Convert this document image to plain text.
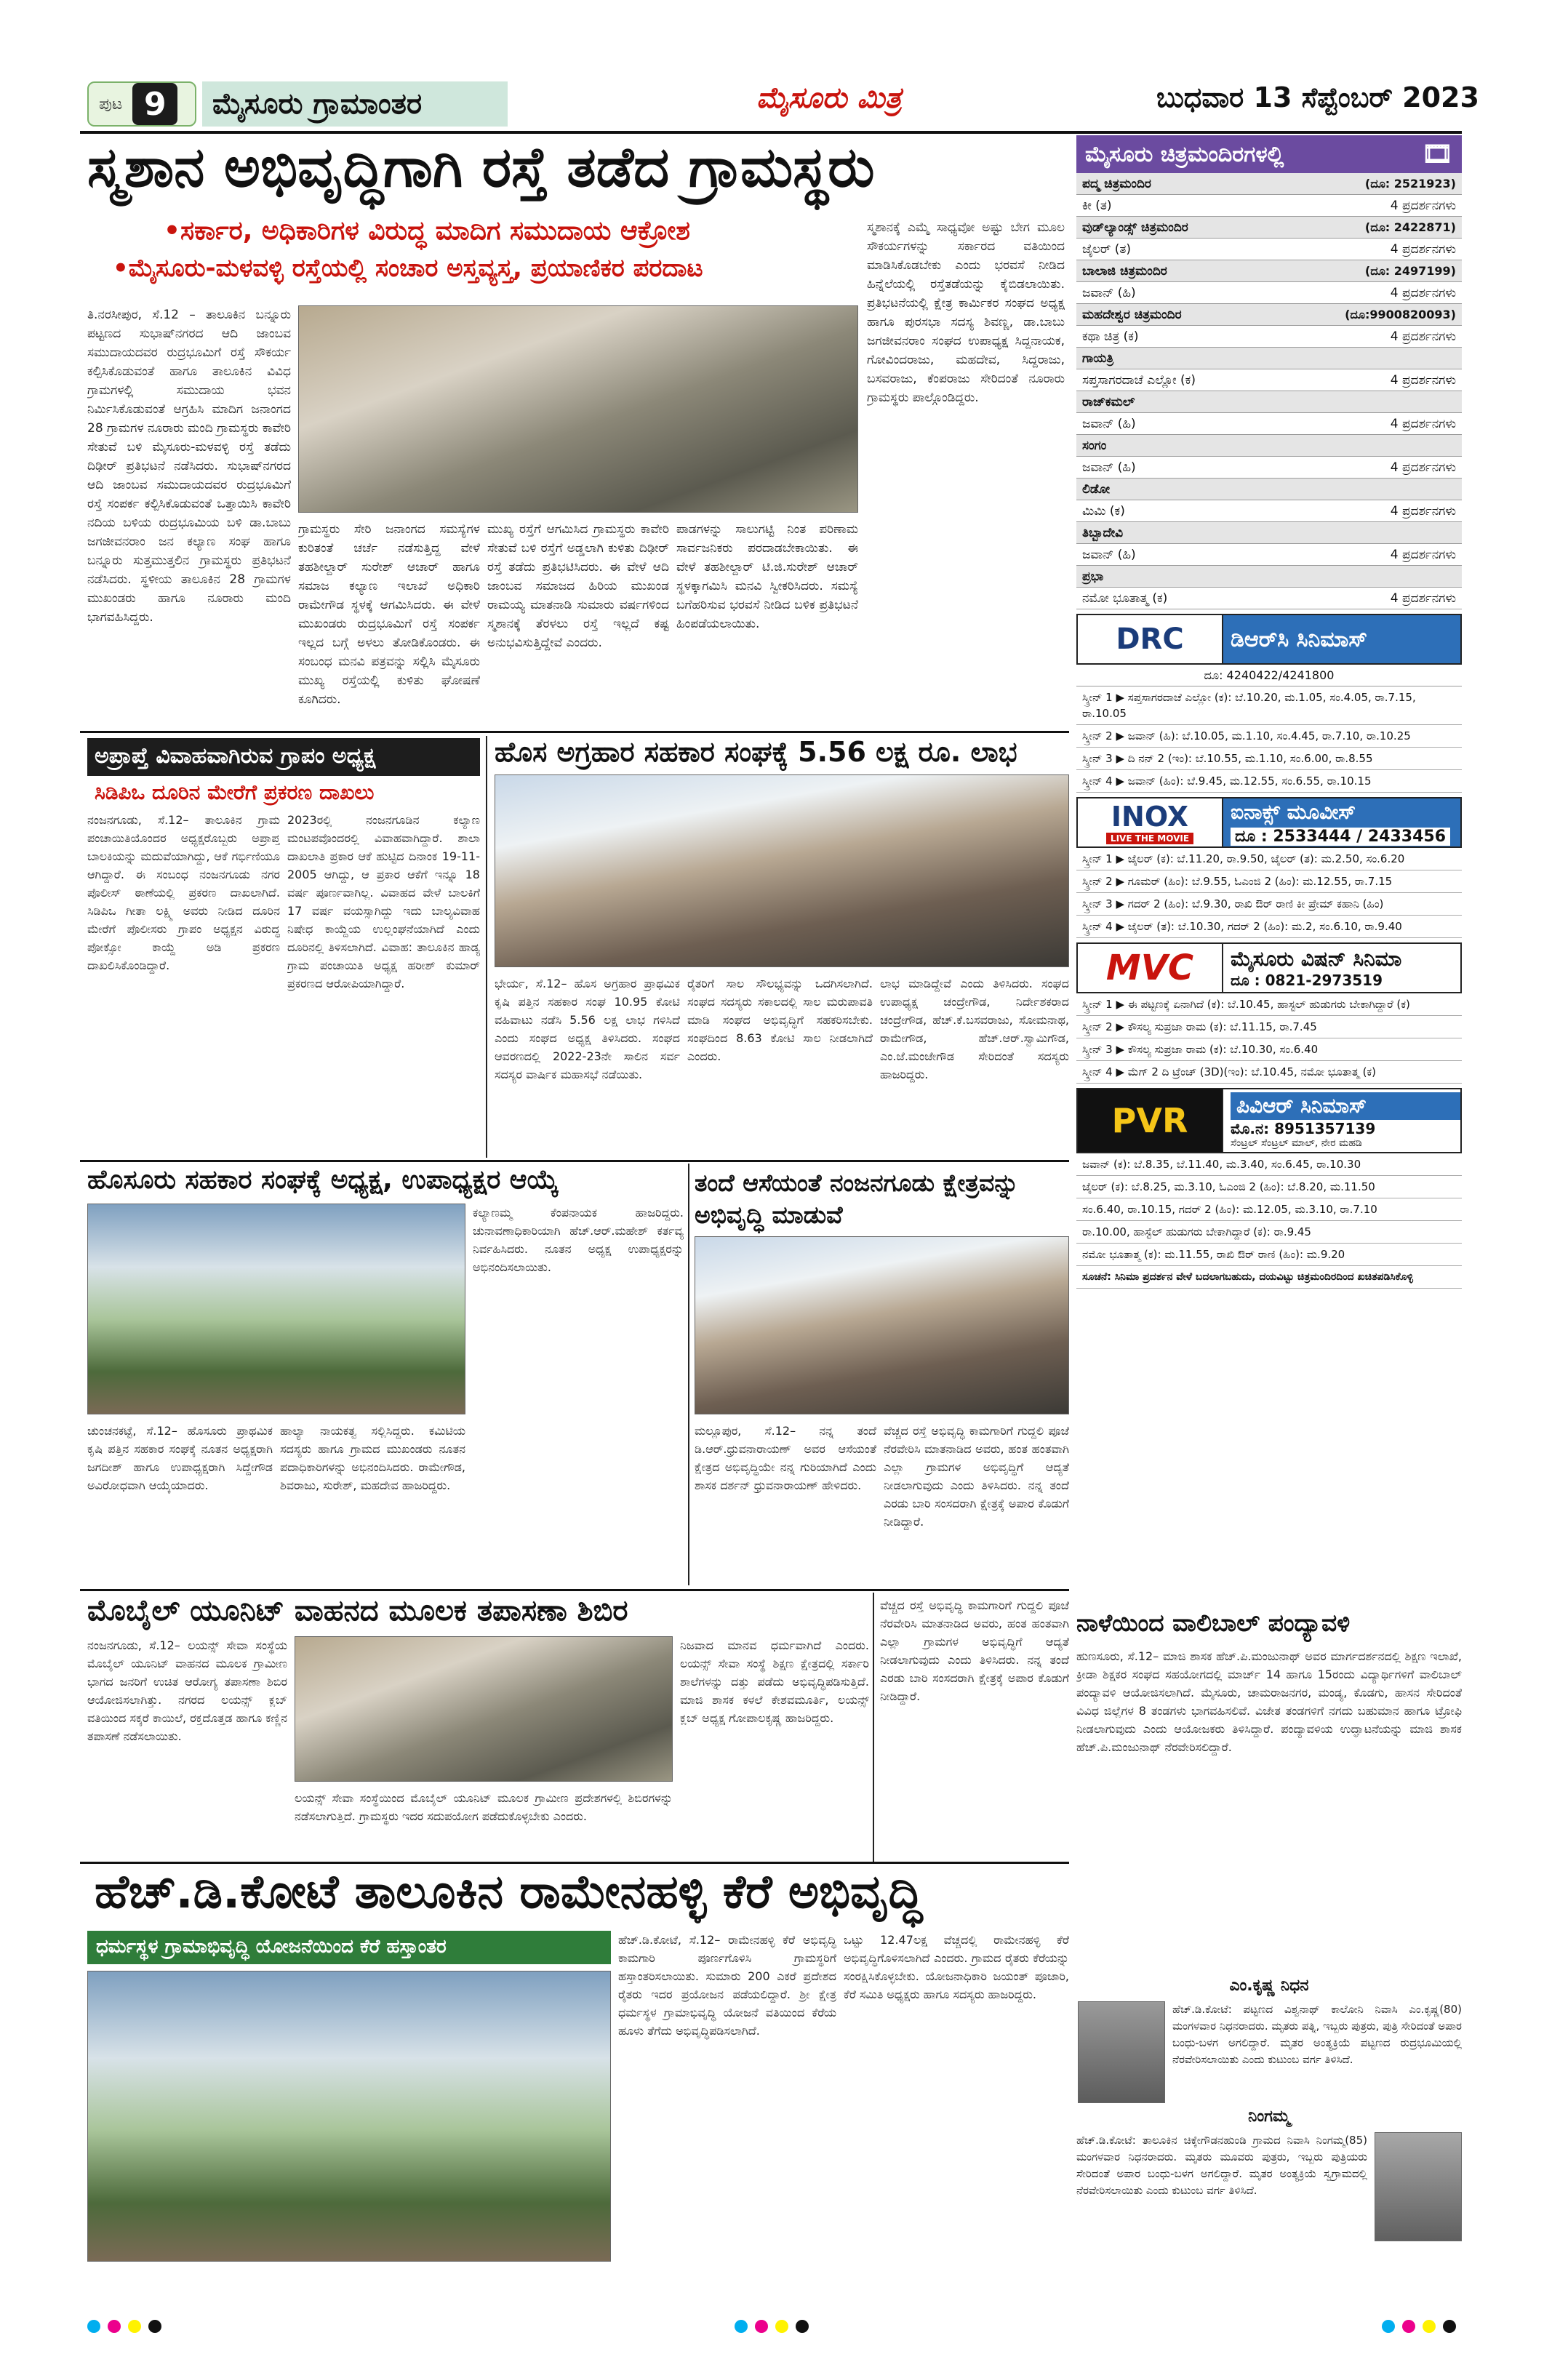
ಪುಟ 9	ಮೈಸೂರು ಗ್ರಾಮಾಂತರ	ಮೈಸೂರು ಮಿತ್ರ	ಬುಧವಾರ 13 ಸೆಪ್ಟೆಂಬರ್ 2023
ಸ್ಮಶಾನ ಅಭಿವೃದ್ಧಿಗಾಗಿ ರಸ್ತೆ ತಡೆದ ಗ್ರಾಮಸ್ಥರು
•ಸರ್ಕಾರ, ಅಧಿಕಾರಿಗಳ ವಿರುದ್ಧ ಮಾದಿಗ ಸಮುದಾಯ ಆಕ್ರೋಶ
•ಮೈಸೂರು-ಮಳವಳ್ಳಿ ರಸ್ತೆಯಲ್ಲಿ ಸಂಚಾರ ಅಸ್ತವ್ಯಸ್ತ, ಪ್ರಯಾಣಿಕರ ಪರದಾಟ
ತಿ.ನರಸೀಪುರ, ಸೆ.12 – ತಾಲೂಕಿನ ಬನ್ನೂರು ಪಟ್ಟಣದ ಸುಭಾಷ್‌ನಗರದ ಆದಿ ಜಾಂಬವ ಸಮುದಾಯದವರ ರುದ್ರಭೂಮಿಗೆ ರಸ್ತೆ ಸೌಕರ್ಯ ಕಲ್ಪಿಸಿಕೊಡುವಂತೆ ಹಾಗೂ ತಾಲೂಕಿನ ವಿವಿಧ ಗ್ರಾಮಗಳಲ್ಲಿ ಸಮುದಾಯ ಭವನ ನಿರ್ಮಿಸಿಕೊಡುವಂತೆ ಆಗ್ರಹಿಸಿ ಮಾದಿಗ ಜನಾಂಗದ 28 ಗ್ರಾಮಗಳ ನೂರಾರು ಮಂದಿ ಗ್ರಾಮಸ್ಥರು ಕಾವೇರಿ ಸೇತುವೆ ಬಳಿ ಮೈಸೂರು-ಮಳವಳ್ಳಿ ರಸ್ತೆ ತಡೆದು ದಿಢೀರ್ ಪ್ರತಿಭಟನೆ ನಡೆಸಿದರು. ಸುಭಾಷ್‌ನಗರದ ಆದಿ ಜಾಂಬವ ಸಮುದಾಯದವರ ರುದ್ರಭೂಮಿಗೆ ರಸ್ತೆ ಸಂಪರ್ಕ ಕಲ್ಪಿಸಿಕೊಡುವಂತೆ ಒತ್ತಾಯಿಸಿ ಕಾವೇರಿ ನದಿಯ ಬಳಿಯ ರುದ್ರಭೂಮಿಯ ಬಳಿ ಡಾ.ಬಾಬು ಜಗಜೀವನರಾಂ ಜನ ಕಲ್ಯಾಣ ಸಂಘ ಹಾಗೂ ಬನ್ನೂರು ಸುತ್ತಮುತ್ತಲಿನ ಗ್ರಾಮಸ್ಥರು ಪ್ರತಿಭಟನೆ ನಡೆಸಿದರು. ಸ್ಥಳೀಯ ತಾಲೂಕಿನ 28 ಗ್ರಾಮಗಳ ಮುಖಂಡರು ಹಾಗೂ ನೂರಾರು ಮಂದಿ ಭಾಗವಹಿಸಿದ್ದರು.
ಗ್ರಾಮಸ್ಥರು ಸೇರಿ ಜನಾಂಗದ ಸಮಸ್ಯೆಗಳ ಕುರಿತಂತೆ ಚರ್ಚೆ ನಡೆಸುತ್ತಿದ್ದ ವೇಳೆ ತಹಶೀಲ್ದಾರ್ ಸುರೇಶ್ ಆಚಾರ್ ಹಾಗೂ ಸಮಾಜ ಕಲ್ಯಾಣ ಇಲಾಖೆ ಅಧಿಕಾರಿ ರಾಮೇಗೌಡ ಸ್ಥಳಕ್ಕೆ ಆಗಮಿಸಿದರು. ಈ ವೇಳೆ ಮುಖಂಡರು ರುದ್ರಭೂಮಿಗೆ ರಸ್ತೆ ಸಂಪರ್ಕ ಇಲ್ಲದ ಬಗ್ಗೆ ಅಳಲು ತೋಡಿಕೊಂಡರು. ಈ ಸಂಬಂಧ ಮನವಿ ಪತ್ರವನ್ನು ಸಲ್ಲಿಸಿ ಮೈಸೂರು ಮುಖ್ಯ ರಸ್ತೆಯಲ್ಲಿ ಕುಳಿತು ಘೋಷಣೆ ಕೂಗಿದರು.
ಮುಖ್ಯ ರಸ್ತೆಗೆ ಆಗಮಿಸಿದ ಗ್ರಾಮಸ್ಥರು ಕಾವೇರಿ ಸೇತುವೆ ಬಳಿ ರಸ್ತೆಗೆ ಅಡ್ಡಲಾಗಿ ಕುಳಿತು ದಿಢೀರ್ ರಸ್ತೆ ತಡೆದು ಪ್ರತಿಭಟಿಸಿದರು. ಈ ವೇಳೆ ಆದಿ ಜಾಂಬವ ಸಮಾಜದ ಹಿರಿಯ ಮುಖಂಡ ರಾಮಯ್ಯ ಮಾತನಾಡಿ ಸುಮಾರು ವರ್ಷಗಳಿಂದ ಸ್ಮಶಾನಕ್ಕೆ ತೆರಳಲು ರಸ್ತೆ ಇಲ್ಲದೆ ಕಷ್ಟ ಅನುಭವಿಸುತ್ತಿದ್ದೇವೆ ಎಂದರು.
ಪಾಡಗಳನ್ನು ಸಾಲುಗಟ್ಟಿ ನಿಂತ ಪರಿಣಾಮ ಸಾರ್ವಜನಿಕರು ಪರದಾಡಬೇಕಾಯಿತು. ಈ ವೇಳೆ ತಹಶೀಲ್ದಾರ್ ಟಿ.ಜಿ.ಸುರೇಶ್ ಆಚಾರ್ ಸ್ಥಳಕ್ಕಾಗಮಿಸಿ ಮನವಿ ಸ್ವೀಕರಿಸಿದರು. ಸಮಸ್ಯೆ ಬಗೆಹರಿಸುವ ಭರವಸೆ ನೀಡಿದ ಬಳಿಕ ಪ್ರತಿಭಟನೆ ಹಿಂಪಡೆಯಲಾಯಿತು.
ಸ್ಮಶಾನಕ್ಕೆ ಎಮ್ಮೆ ಸಾಧ್ಯವೋ ಅಷ್ಟು ಬೇಗ ಮೂಲ ಸೌಕರ್ಯಗಳನ್ನು ಸರ್ಕಾರದ ವತಿಯಿಂದ ಮಾಡಿಸಿಕೊಡಬೇಕು ಎಂದು ಭರವಸೆ ನೀಡಿದ ಹಿನ್ನೆಲೆಯಲ್ಲಿ ರಸ್ತೆತಡೆಯನ್ನು ಕೈಬಿಡಲಾಯಿತು. ಪ್ರತಿಭಟನೆಯಲ್ಲಿ ಕ್ಷೇತ್ರ ಕಾರ್ಮಿಕರ ಸಂಘದ ಅಧ್ಯಕ್ಷ ಹಾಗೂ ಪುರಸಭಾ ಸದಸ್ಯ ಶಿವಣ್ಣ, ಡಾ.ಬಾಬು ಜಗಜೀವನರಾಂ ಸಂಘದ ಉಪಾಧ್ಯಕ್ಷ ಸಿದ್ದನಾಯಕ, ಗೋವಿಂದರಾಜು, ಮಹದೇವ, ಸಿದ್ದರಾಜು, ಬಸವರಾಜು, ಕೆಂಪರಾಜು ಸೇರಿದಂತೆ ನೂರಾರು ಗ್ರಾಮಸ್ಥರು ಪಾಲ್ಗೊಂಡಿದ್ದರು.
ಅಪ್ರಾಪ್ತೆ ವಿವಾಹವಾಗಿರುವ ಗ್ರಾಪಂ ಅಧ್ಯಕ್ಷ
ಸಿಡಿಪಿಒ ದೂರಿನ ಮೇರೆಗೆ ಪ್ರಕರಣ ದಾಖಲು
ನಂಜನಗೂಡು, ಸೆ.12– ತಾಲೂಕಿನ ಗ್ರಾಮ ಪಂಚಾಯಿತಿಯೊಂದರ ಅಧ್ಯಕ್ಷರೊಬ್ಬರು ಅಪ್ರಾಪ್ತ ಬಾಲಕಿಯನ್ನು ಮದುವೆಯಾಗಿದ್ದು, ಆಕೆ ಗರ್ಭಿಣಿಯೂ ಆಗಿದ್ದಾರೆ. ಈ ಸಂಬಂಧ ನಂಜನಗೂಡು ನಗರ ಪೊಲೀಸ್ ಠಾಣೆಯಲ್ಲಿ ಪ್ರಕರಣ ದಾಖಲಾಗಿದೆ. ಸಿಡಿಪಿಒ ಗೀತಾ ಲಕ್ಷ್ಮಿ ಅವರು ನೀಡಿದ ದೂರಿನ ಮೇರೆಗೆ ಪೊಲೀಸರು ಗ್ರಾಪಂ ಅಧ್ಯಕ್ಷನ ವಿರುದ್ಧ ಪೋಕ್ಸೋ ಕಾಯ್ದೆ ಅಡಿ ಪ್ರಕರಣ ದಾಖಲಿಸಿಕೊಂಡಿದ್ದಾರೆ.
2023ರಲ್ಲಿ ನಂಜನಗೂಡಿನ ಕಲ್ಯಾಣ ಮಂಟಪವೊಂದರಲ್ಲಿ ವಿವಾಹವಾಗಿದ್ದಾರೆ. ಶಾಲಾ ದಾಖಲಾತಿ ಪ್ರಕಾರ ಆಕೆ ಹುಟ್ಟಿದ ದಿನಾಂಕ 19-11-2005 ಆಗಿದ್ದು, ಆ ಪ್ರಕಾರ ಆಕೆಗೆ ಇನ್ನೂ 18 ವರ್ಷ ಪೂರ್ಣವಾಗಿಲ್ಲ. ವಿವಾಹದ ವೇಳೆ ಬಾಲಕಿಗೆ 17 ವರ್ಷ ವಯಸ್ಸಾಗಿದ್ದು ಇದು ಬಾಲ್ಯವಿವಾಹ ನಿಷೇಧ ಕಾಯ್ದೆಯ ಉಲ್ಲಂಘನೆಯಾಗಿದೆ ಎಂದು ದೂರಿನಲ್ಲಿ ತಿಳಿಸಲಾಗಿದೆ. ವಿವಾಹ: ತಾಲೂಕಿನ ಹಾಡ್ಯ ಗ್ರಾಮ ಪಂಚಾಯಿತಿ ಅಧ್ಯಕ್ಷ ಹರೀಶ್ ಕುಮಾರ್ ಪ್ರಕರಣದ ಆರೋಪಿಯಾಗಿದ್ದಾರೆ.
ಹೊಸ ಅಗ್ರಹಾರ ಸಹಕಾರ ಸಂಘಕ್ಕೆ 5.56 ಲಕ್ಷ ರೂ. ಲಾಭ
ಭೇರ್ಯ, ಸೆ.12– ಹೊಸ ಅಗ್ರಹಾರ ಪ್ರಾಥಮಿಕ ಕೃಷಿ ಪತ್ತಿನ ಸಹಕಾರ ಸಂಘ 10.95 ಕೋಟಿ ವಹಿವಾಟು ನಡೆಸಿ 5.56 ಲಕ್ಷ ಲಾಭ ಗಳಿಸಿದೆ ಎಂದು ಸಂಘದ ಅಧ್ಯಕ್ಷ ತಿಳಿಸಿದರು. ಸಂಘದ ಆವರಣದಲ್ಲಿ 2022-23ನೇ ಸಾಲಿನ ಸರ್ವ ಸದಸ್ಯರ ವಾರ್ಷಿಕ ಮಹಾಸಭೆ ನಡೆಯಿತು.
ರೈತರಿಗೆ ಸಾಲ ಸೌಲಭ್ಯವನ್ನು ಒದಗಿಸಲಾಗಿದೆ. ಸಂಘದ ಸದಸ್ಯರು ಸಕಾಲದಲ್ಲಿ ಸಾಲ ಮರುಪಾವತಿ ಮಾಡಿ ಸಂಘದ ಅಭಿವೃದ್ಧಿಗೆ ಸಹಕರಿಸಬೇಕು. ಸಂಘದಿಂದ 8.63 ಕೋಟಿ ಸಾಲ ನೀಡಲಾಗಿದೆ ಎಂದರು.
ಲಾಭ ಮಾಡಿದ್ದೇವೆ ಎಂದು ತಿಳಿಸಿದರು. ಸಂಘದ ಉಪಾಧ್ಯಕ್ಷ ಚಂದ್ರೇಗೌಡ, ನಿರ್ದೇಶಕರಾದ ಚಂದ್ರೇಗೌಡ, ಹೆಚ್.ಕೆ.ಬಸವರಾಜು, ಸೋಮನಾಥ, ರಾಮೇಗೌಡ, ಹೆಚ್.ಆರ್.ಸ್ವಾಮಿಗೌಡ, ಎಂ.ಜೆ.ಮಂಜೇಗೌಡ ಸೇರಿದಂತೆ ಸದಸ್ಯರು ಹಾಜರಿದ್ದರು.
ಹೊಸೂರು ಸಹಕಾರ ಸಂಘಕ್ಕೆ ಅಧ್ಯಕ್ಷ, ಉಪಾಧ್ಯಕ್ಷರ ಆಯ್ಕೆ
ಕಲ್ಯಾಣಮ್ಮ ಕೆಂಪನಾಯಕ ಹಾಜರಿದ್ದರು. ಚುನಾವಣಾಧಿಕಾರಿಯಾಗಿ ಹೆಚ್.ಆರ್.ಮಹೇಶ್ ಕರ್ತವ್ಯ ನಿರ್ವಹಿಸಿದರು. ನೂತನ ಅಧ್ಯಕ್ಷ ಉಪಾಧ್ಯಕ್ಷರನ್ನು ಅಭಿನಂದಿಸಲಾಯಿತು.
ಚುಂಚನಕಟ್ಟೆ, ಸೆ.12– ಹೊಸೂರು ಪ್ರಾಥಮಿಕ ಕೃಷಿ ಪತ್ತಿನ ಸಹಕಾರ ಸಂಘಕ್ಕೆ ನೂತನ ಅಧ್ಯಕ್ಷರಾಗಿ ಜಗದೀಶ್ ಹಾಗೂ ಉಪಾಧ್ಯಕ್ಷರಾಗಿ ಸಿದ್ದೇಗೌಡ ಅವಿರೋಧವಾಗಿ ಆಯ್ಕೆಯಾದರು.
ಹಾಲ್ಯಾ ನಾಯಕತ್ವ ಸಲ್ಲಿಸಿದ್ದರು. ಕಮಿಟಿಯ ಸದಸ್ಯರು ಹಾಗೂ ಗ್ರಾಮದ ಮುಖಂಡರು ನೂತನ ಪದಾಧಿಕಾರಿಗಳನ್ನು ಅಭಿನಂದಿಸಿದರು. ರಾಮೇಗೌಡ, ಶಿವರಾಜು, ಸುರೇಶ್, ಮಹದೇವ ಹಾಜರಿದ್ದರು.
ತಂದೆ ಆಸೆಯಂತೆ ನಂಜನಗೂಡು ಕ್ಷೇತ್ರವನ್ನು ಅಭಿವೃದ್ಧಿ ಮಾಡುವೆ
ಮಲ್ಲೂಪುರ, ಸೆ.12– ನನ್ನ ತಂದೆ ಡಿ.ಆರ್.ಧ್ರುವನಾರಾಯಣ್ ಅವರ ಆಸೆಯಂತೆ ಕ್ಷೇತ್ರದ ಅಭಿವೃದ್ಧಿಯೇ ನನ್ನ ಗುರಿಯಾಗಿದೆ ಎಂದು ಶಾಸಕ ದರ್ಶನ್ ಧ್ರುವನಾರಾಯಣ್ ಹೇಳಿದರು.
ವೆಚ್ಚದ ರಸ್ತೆ ಅಭಿವೃದ್ಧಿ ಕಾಮಗಾರಿಗೆ ಗುದ್ದಲಿ ಪೂಜೆ ನೆರವೇರಿಸಿ ಮಾತನಾಡಿದ ಅವರು, ಹಂತ ಹಂತವಾಗಿ ಎಲ್ಲಾ ಗ್ರಾಮಗಳ ಅಭಿವೃದ್ಧಿಗೆ ಆದ್ಯತೆ ನೀಡಲಾಗುವುದು ಎಂದು ತಿಳಿಸಿದರು. ನನ್ನ ತಂದೆ ಎರಡು ಬಾರಿ ಸಂಸದರಾಗಿ ಕ್ಷೇತ್ರಕ್ಕೆ ಅಪಾರ ಕೊಡುಗೆ ನೀಡಿದ್ದಾರೆ.
ಮೊಬೈಲ್ ಯೂನಿಟ್ ವಾಹನದ ಮೂಲಕ ತಪಾಸಣಾ ಶಿಬಿರ
ನಂಜನಗೂಡು, ಸೆ.12– ಲಯನ್ಸ್ ಸೇವಾ ಸಂಸ್ಥೆಯ ಮೊಬೈಲ್ ಯೂನಿಟ್ ವಾಹನದ ಮೂಲಕ ಗ್ರಾಮೀಣ ಭಾಗದ ಜನರಿಗೆ ಉಚಿತ ಆರೋಗ್ಯ ತಪಾಸಣಾ ಶಿಬಿರ ಆಯೋಜಿಸಲಾಗಿತ್ತು. ನಗರದ ಲಯನ್ಸ್ ಕ್ಲಬ್ ವತಿಯಿಂದ ಸಕ್ಕರೆ ಕಾಯಿಲೆ, ರಕ್ತದೊತ್ತಡ ಹಾಗೂ ಕಣ್ಣಿನ ತಪಾಸಣೆ ನಡೆಸಲಾಯಿತು.
ಲಯನ್ಸ್ ಸೇವಾ ಸಂಸ್ಥೆಯಿಂದ ಮೊಬೈಲ್ ಯೂನಿಟ್ ಮೂಲಕ ಗ್ರಾಮೀಣ ಪ್ರದೇಶಗಳಲ್ಲಿ ಶಿಬಿರಗಳನ್ನು ನಡೆಸಲಾಗುತ್ತಿದೆ. ಗ್ರಾಮಸ್ಥರು ಇದರ ಸದುಪಯೋಗ ಪಡೆದುಕೊಳ್ಳಬೇಕು ಎಂದರು.
ನಿಜವಾದ ಮಾನವ ಧರ್ಮವಾಗಿದೆ ಎಂದರು. ಲಯನ್ಸ್ ಸೇವಾ ಸಂಸ್ಥೆ ಶಿಕ್ಷಣ ಕ್ಷೇತ್ರದಲ್ಲಿ ಸರ್ಕಾರಿ ಶಾಲೆಗಳನ್ನು ದತ್ತು ಪಡೆದು ಅಭಿವೃದ್ಧಿಪಡಿಸುತ್ತಿದೆ. ಮಾಜಿ ಶಾಸಕ ಕಳಲೆ ಕೇಶವಮೂರ್ತಿ, ಲಯನ್ಸ್ ಕ್ಲಬ್ ಅಧ್ಯಕ್ಷ ಗೋಪಾಲಕೃಷ್ಣ ಹಾಜರಿದ್ದರು.
ವೆಚ್ಚದ ರಸ್ತೆ ಅಭಿವೃದ್ಧಿ ಕಾಮಗಾರಿಗೆ ಗುದ್ದಲಿ ಪೂಜೆ ನೆರವೇರಿಸಿ ಮಾತನಾಡಿದ ಅವರು, ಹಂತ ಹಂತವಾಗಿ ಎಲ್ಲಾ ಗ್ರಾಮಗಳ ಅಭಿವೃದ್ಧಿಗೆ ಆದ್ಯತೆ ನೀಡಲಾಗುವುದು ಎಂದು ತಿಳಿಸಿದರು. ನನ್ನ ತಂದೆ ಎರಡು ಬಾರಿ ಸಂಸದರಾಗಿ ಕ್ಷೇತ್ರಕ್ಕೆ ಅಪಾರ ಕೊಡುಗೆ ನೀಡಿದ್ದಾರೆ.
ಹೆಚ್.ಡಿ.ಕೋಟೆ ತಾಲೂಕಿನ ರಾಮೇನಹಳ್ಳಿ ಕೆರೆ ಅಭಿವೃದ್ಧಿ
ಧರ್ಮಸ್ಥಳ ಗ್ರಾಮಾಭಿವೃದ್ಧಿ ಯೋಜನೆಯಿಂದ ಕೆರೆ ಹಸ್ತಾಂತರ	ಹೆಚ್.ಡಿ.ಕೋಟೆ, ಸೆ.12– ರಾಮೇನಹಳ್ಳಿ ಕೆರೆ ಅಭಿವೃದ್ಧಿ ಕಾಮಗಾರಿ ಪೂರ್ಣಗೊಳಿಸಿ ಗ್ರಾಮಸ್ಥರಿಗೆ ಹಸ್ತಾಂತರಿಸಲಾಯಿತು. ಸುಮಾರು 200 ಎಕರೆ ಪ್ರದೇಶದ ರೈತರು ಇದರ ಪ್ರಯೋಜನ ಪಡೆಯಲಿದ್ದಾರೆ. ಶ್ರೀ ಕ್ಷೇತ್ರ ಧರ್ಮಸ್ಥಳ ಗ್ರಾಮಾಭಿವೃದ್ಧಿ ಯೋಜನೆ ವತಿಯಿಂದ ಕೆರೆಯ ಹೂಳು ತೆಗೆದು ಅಭಿವೃದ್ಧಿಪಡಿಸಲಾಗಿದೆ.
ಒಟ್ಟು 12.47ಲಕ್ಷ ವೆಚ್ಚದಲ್ಲಿ ರಾಮೇನಹಳ್ಳಿ ಕೆರೆ ಅಭಿವೃದ್ಧಿಗೊಳಿಸಲಾಗಿದೆ ಎಂದರು. ಗ್ರಾಮದ ರೈತರು ಕೆರೆಯನ್ನು ಸಂರಕ್ಷಿಸಿಕೊಳ್ಳಬೇಕು. ಯೋಜನಾಧಿಕಾರಿ ಜಯಂತ್ ಪೂಜಾರಿ, ಕೆರೆ ಸಮಿತಿ ಅಧ್ಯಕ್ಷರು ಹಾಗೂ ಸದಸ್ಯರು ಹಾಜರಿದ್ದರು.
ಮೈಸೂರು ಚಿತ್ರಮಂದಿರಗಳಲ್ಲಿ	🎞
ಪದ್ಮ ಚಿತ್ರಮಂದಿರ	(ದೂ: 2521923)
ಕೀ (ತ)	4 ಪ್ರದರ್ಶನಗಳು
ವುಡ್‌ಲ್ಯಾಂಡ್ಸ್ ಚಿತ್ರಮಂದಿರ	(ದೂ: 2422871)
ಜೈಲರ್ (ತ)	4 ಪ್ರದರ್ಶನಗಳು
ಬಾಲಾಜಿ ಚಿತ್ರಮಂದಿರ	(ದೂ: 2497199)
ಜವಾನ್ (ಹಿ)	4 ಪ್ರದರ್ಶನಗಳು
ಮಹದೇಶ್ವರ ಚಿತ್ರಮಂದಿರ	(ದೂ:9900820093)
ಕಥಾ ಚಿತ್ರ (ಕ)	4 ಪ್ರದರ್ಶನಗಳು
ಗಾಯತ್ರಿ
ಸಪ್ತಸಾಗರದಾಚೆ ಎಲ್ಲೋ (ಕ)	4 ಪ್ರದರ್ಶನಗಳು
ರಾಜ್‌ಕಮಲ್
ಜವಾನ್ (ಹಿ)	4 ಪ್ರದರ್ಶನಗಳು
ಸಂಗಂ
ಜವಾನ್ (ಹಿ)	4 ಪ್ರದರ್ಶನಗಳು
ಲಿಡೋ
ಮಿಮಿ (ಕ)	4 ಪ್ರದರ್ಶನಗಳು
ತಿಬ್ಬಾದೇವಿ
ಜವಾನ್ (ಹಿ)	4 ಪ್ರದರ್ಶನಗಳು
ಪ್ರಭಾ
ನಮೋ ಭೂತಾತ್ಮ (ಕ)	4 ಪ್ರದರ್ಶನಗಳು
DRC	ಡಿಆರ್‌ಸಿ ಸಿನಿಮಾಸ್
ದೂ: 4240422/4241800
ಸ್ಕ್ರೀನ್ 1 ▶ ಸಪ್ತಸಾಗರದಾಚೆ ಎಲ್ಲೋ (ಕ): ಬೆ.10.20, ಮ.1.05, ಸಂ.4.05, ರಾ.7.15, ರಾ.10.05
ಸ್ಕ್ರೀನ್ 2 ▶ ಜವಾನ್ (ಹಿ): ಬೆ.10.05, ಮ.1.10, ಸಂ.4.45, ರಾ.7.10, ರಾ.10.25
ಸ್ಕ್ರೀನ್ 3 ▶ ದಿ ನನ್ 2 (ಇಂ): ಬೆ.10.55, ಮ.1.10, ಸಂ.6.00, ರಾ.8.55
ಸ್ಕ್ರೀನ್ 4 ▶ ಜವಾನ್ (ಹಿಂ): ಬೆ.9.45, ಮ.12.55, ಸಂ.6.55, ರಾ.10.15
INOX
LIVE THE MOVIE
ಐನಾಕ್ಸ್ ಮೂವೀಸ್
ದೂ : 2533444 / 2433456
ಸ್ಕ್ರೀನ್ 1 ▶ ಜೈಲರ್ (ಕ): ಬೆ.11.20, ರಾ.9.50, ಜೈಲರ್ (ತ): ಮ.2.50, ಸಂ.6.20
ಸ್ಕ್ರೀನ್ 2 ▶ ಗೂಮರ್ (ಹಿಂ): ಬೆ.9.55, ಓಎಂಜಿ 2 (ಹಿಂ): ಮ.12.55, ರಾ.7.15
ಸ್ಕ್ರೀನ್ 3 ▶ ಗದರ್ 2 (ಹಿಂ): ಬೆ.9.30, ರಾಖಿ ಔರ್ ರಾಣಿ ಕೀ ಪ್ರೇಮ್ ಕಹಾನಿ (ಹಿಂ)
ಸ್ಕ್ರೀನ್ 4 ▶ ಜೈಲರ್ (ತ): ಬೆ.10.30, ಗದರ್ 2 (ಹಿಂ): ಮ.2, ಸಂ.6.10, ರಾ.9.40
MVC	ಮೈಸೂರು ವಿಷನ್ ಸಿನಿಮಾ
ದೂ : 0821-2973519
ಸ್ಕ್ರೀನ್ 1 ▶ ಈ ಪಟ್ಟಣಕ್ಕೆ ಏನಾಗಿದೆ (ಕ): ಬೆ.10.45, ಹಾಸ್ಟಲ್ ಹುಡುಗರು ಬೇಕಾಗಿದ್ದಾರೆ (ಕ)
ಸ್ಕ್ರೀನ್ 2 ▶ ಕೌಸಲ್ಯ ಸುಪ್ರಜಾ ರಾಮ (ಕ): ಬೆ.11.15, ರಾ.7.45
ಸ್ಕ್ರೀನ್ 3 ▶ ಕೌಸಲ್ಯ ಸುಪ್ರಜಾ ರಾಮ (ಕ): ಬೆ.10.30, ಸಂ.6.40
ಸ್ಕ್ರೀನ್ 4 ▶ ಮೆಗ್ 2 ದಿ ಟ್ರೆಂಚ್ (3D)(ಇಂ): ಬೆ.10.45, ನಮೋ ಭೂತಾತ್ಮ (ಕ)
PVR	ಪಿವಿಆರ್ ಸಿನಿಮಾಸ್
ಮೊ.ನ: 8951357139
ಸೆಂಟ್ರಲ್ ಸೆಂಟ್ರಲ್ ಮಾಲ್, ನೇರ ಮಹಡಿ
ಜವಾನ್ (ಕ): ಬೆ.8.35, ಬೆ.11.40, ಮ.3.40, ಸಂ.6.45, ರಾ.10.30
ಜೈಲರ್ (ಕ): ಬೆ.8.25, ಮ.3.10, ಓಎಂಜಿ 2 (ಹಿಂ): ಬೆ.8.20, ಮ.11.50
ಸಂ.6.40, ರಾ.10.15, ಗದರ್ 2 (ಹಿಂ): ಮ.12.05, ಮ.3.10, ರಾ.7.10
ರಾ.10.00, ಹಾಸ್ಟೆಲ್ ಹುಡುಗರು ಬೇಕಾಗಿದ್ದಾರೆ (ಕ): ರಾ.9.45
ನಮೋ ಭೂತಾತ್ಮ (ಕ): ಮ.11.55, ರಾಖಿ ಔರ್ ರಾಣಿ (ಹಿಂ): ಮ.9.20
ಸೂಚನೆ: ಸಿನಿಮಾ ಪ್ರದರ್ಶನ ವೇಳೆ ಬದಲಾಗಬಹುದು, ದಯವಿಟ್ಟು ಚಿತ್ರಮಂದಿರದಿಂದ ಖಚಿತಪಡಿಸಿಕೊಳ್ಳಿ
ನಾಳೆಯಿಂದ ವಾಲಿಬಾಲ್ ಪಂದ್ಯಾವಳಿ
ಹುಣಸೂರು, ಸೆ.12– ಮಾಜಿ ಶಾಸಕ ಹೆಚ್.ಪಿ.ಮಂಜುನಾಥ್ ಅವರ ಮಾರ್ಗದರ್ಶನದಲ್ಲಿ ಶಿಕ್ಷಣ ಇಲಾಖೆ, ಕ್ರೀಡಾ ಶಿಕ್ಷಕರ ಸಂಘದ ಸಹಯೋಗದಲ್ಲಿ ಮಾರ್ಚ್ 14 ಹಾಗೂ 15ರಂದು ವಿದ್ಯಾರ್ಥಿಗಳಿಗೆ ವಾಲಿಬಾಲ್ ಪಂದ್ಯಾವಳಿ ಆಯೋಜಿಸಲಾಗಿದೆ. ಮೈಸೂರು, ಚಾಮರಾಜನಗರ, ಮಂಡ್ಯ, ಕೊಡಗು, ಹಾಸನ ಸೇರಿದಂತೆ ವಿವಿಧ ಜಿಲ್ಲೆಗಳ 8 ತಂಡಗಳು ಭಾಗವಹಿಸಲಿವೆ. ವಿಜೇತ ತಂಡಗಳಿಗೆ ನಗದು ಬಹುಮಾನ ಹಾಗೂ ಟ್ರೋಫಿ ನೀಡಲಾಗುವುದು ಎಂದು ಆಯೋಜಕರು ತಿಳಿಸಿದ್ದಾರೆ. ಪಂದ್ಯಾವಳಿಯ ಉದ್ಘಾಟನೆಯನ್ನು ಮಾಜಿ ಶಾಸಕ ಹೆಚ್.ಪಿ.ಮಂಜುನಾಥ್ ನೆರವೇರಿಸಲಿದ್ದಾರೆ.
ಎಂ.ಕೃಷ್ಣ ನಿಧನ
ಹೆಚ್.ಡಿ.ಕೋಟೆ: ಪಟ್ಟಣದ ವಿಶ್ವನಾಥ್ ಕಾಲೋನಿ ನಿವಾಸಿ ಎಂ.ಕೃಷ್ಣ(80) ಮಂಗಳವಾರ ನಿಧನರಾದರು. ಮೃತರು ಪತ್ನಿ, ಇಬ್ಬರು ಪುತ್ರರು, ಪುತ್ರಿ ಸೇರಿದಂತೆ ಅಪಾರ ಬಂಧು-ಬಳಗ ಅಗಲಿದ್ದಾರೆ. ಮೃತರ ಅಂತ್ಯಕ್ರಿಯೆ ಪಟ್ಟಣದ ರುದ್ರಭೂಮಿಯಲ್ಲಿ ನೆರವೇರಿಸಲಾಯಿತು ಎಂದು ಕುಟುಂಬ ವರ್ಗ ತಿಳಿಸಿದೆ.
ನಿಂಗಮ್ಮ
ಹೆಚ್.ಡಿ.ಕೋಟೆ: ತಾಲೂಕಿನ ಚಿಕ್ಕೇಗೌಡನಹುಂಡಿ ಗ್ರಾಮದ ನಿವಾಸಿ ನಿಂಗಮ್ಮ(85) ಮಂಗಳವಾರ ನಿಧನರಾದರು. ಮೃತರು ಮೂವರು ಪುತ್ರರು, ಇಬ್ಬರು ಪುತ್ರಿಯರು ಸೇರಿದಂತೆ ಅಪಾರ ಬಂಧು-ಬಳಗ ಅಗಲಿದ್ದಾರೆ. ಮೃತರ ಅಂತ್ಯಕ್ರಿಯೆ ಸ್ವಗ್ರಾಮದಲ್ಲಿ ನೆರವೇರಿಸಲಾಯಿತು ಎಂದು ಕುಟುಂಬ ವರ್ಗ ತಿಳಿಸಿದೆ.
